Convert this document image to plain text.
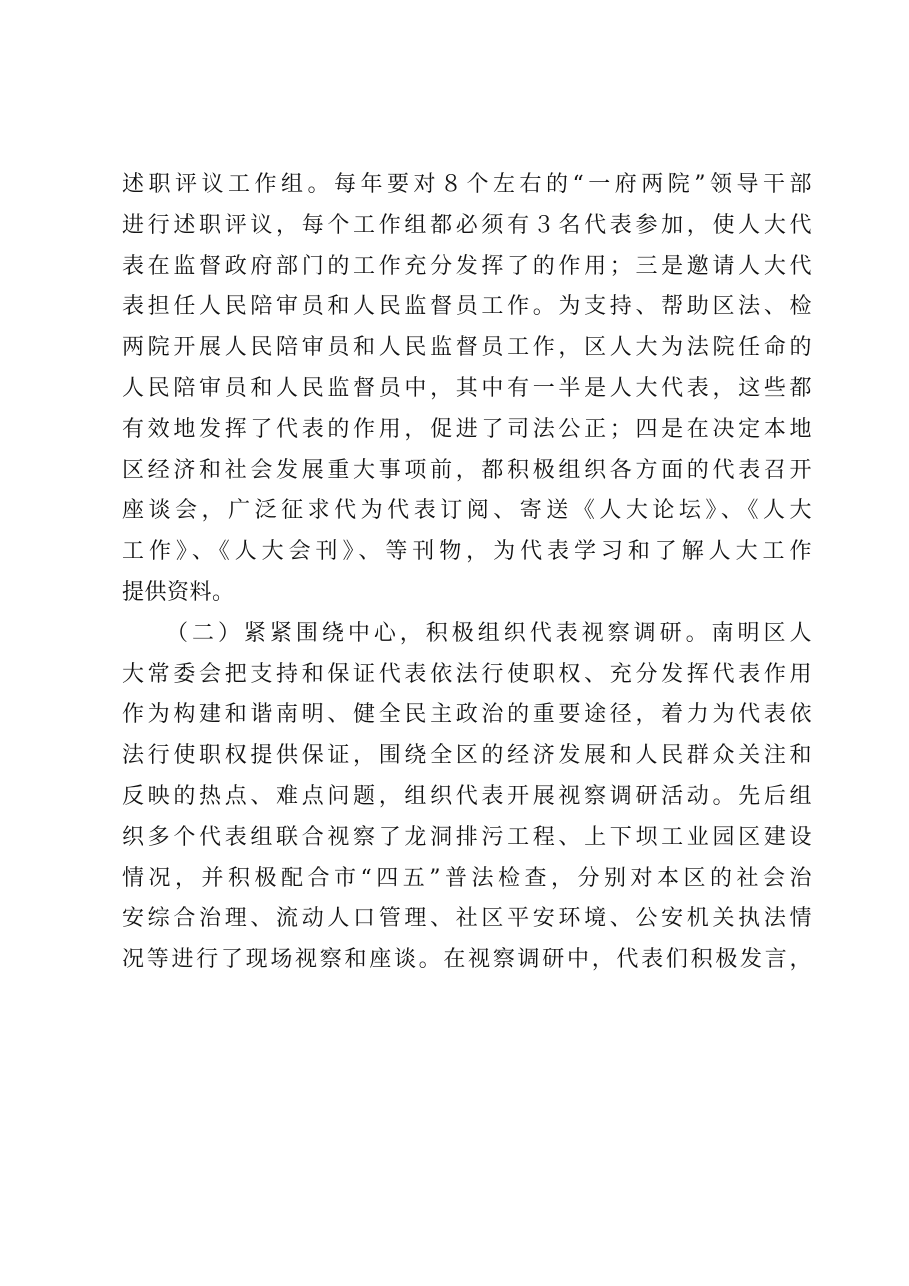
述职评议工作组。每年要对８个左右的“一府两院”领导干部
进行述职评议，每个工作组都必须有３名代表参加，使人大代
表在监督政府部门的工作充分发挥了的作用；三是邀请人大代
表担任人民陪审员和人民监督员工作。为支持、帮助区法、检
两院开展人民陪审员和人民监督员工作，区人大为法院任命的
人民陪审员和人民监督员中，其中有一半是人大代表，这些都
有效地发挥了代表的作用，促进了司法公正；四是在决定本地
区经济和社会发展重大事项前，都积极组织各方面的代表召开
座谈会，广泛征求代为代表订阅、寄送《人大论坛》、《人大
工作》、《人大会刊》、等刊物，为代表学习和了解人大工作
提供资料。
（二）紧紧围绕中心，积极组织代表视察调研。南明区人
大常委会把支持和保证代表依法行使职权、充分发挥代表作用
作为构建和谐南明、健全民主政治的重要途径，着力为代表依
法行使职权提供保证，围绕全区的经济发展和人民群众关注和
反映的热点、难点问题，组织代表开展视察调研活动。先后组
织多个代表组联合视察了龙洞排污工程、上下坝工业园区建设
情况，并积极配合市“四五”普法检查，分别对本区的社会治
安综合治理、流动人口管理、社区平安环境、公安机关执法情
况等进行了现场视察和座谈。在视察调研中，代表们积极发言，
